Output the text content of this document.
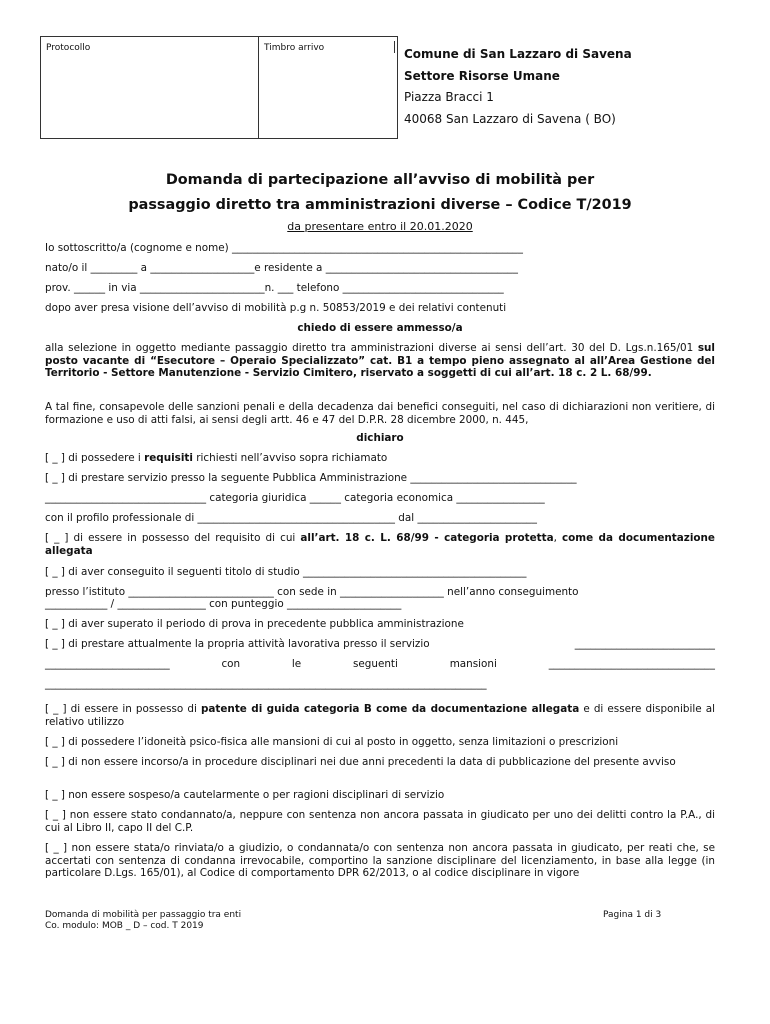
Protocollo	Timbro arrivo	Comune di San Lazzaro di Savena
Settore Risorse Umane
Piazza Bracci 1
40068 San Lazzaro di Savena ( BO)
Domanda di partecipazione all’avviso di mobilità per
passaggio diretto tra amministrazioni diverse – Codice T/2019
da presentare entro il 20.01.2020
Io sottoscritto/a (cognome e nome) ________________________________________________________
nato/o il _________ a ____________________e residente a _____________________________________
prov. ______ in via ________________________n. ___ telefono _______________________________
dopo aver presa visione dell’avviso di mobilità p.g n. 50853/2019 e dei relativi contenuti
chiedo di essere ammesso/a
alla selezione in oggetto mediante passaggio diretto tra amministrazioni diverse ai sensi dell’art. 30 del D. Lgs.n.165/01 sul posto vacante di “Esecutore – Operaio Specializzato” cat. B1 a tempo pieno assegnato al all’Area Gestione del Territorio - Settore Manutenzione - Servizio Cimitero, riservato a soggetti di cui all’art. 18 c. 2 L. 68/99.
A tal fine, consapevole delle sanzioni penali e della decadenza dai benefici conseguiti, nel caso di dichiarazioni non veritiere, di formazione e uso di atti falsi, ai sensi degli artt. 46 e 47 del D.P.R. 28 dicembre 2000, n. 445,
dichiaro
[ _ ] di possedere i requisiti richiesti nell’avviso sopra richiamato
[ _ ] di prestare servizio presso la seguente Pubblica Amministrazione ________________________________
_______________________________ categoria giuridica ______ categoria economica _________________
con il profilo professionale di ______________________________________ dal _______________________
[ _ ] di essere in possesso del requisito di cui all’art. 18 c. L. 68/99 - categoria protetta, come da documentazione allegata
[ _ ] di aver conseguito il seguenti titolo di studio ___________________________________________
presso l’istituto ____________________________ con sede in ____________________ nell’anno conseguimento
____________ / _________________ con punteggio ______________________
[ _ ] di aver superato il periodo di prova in precedente pubblica amministrazione
[ _ ] di prestare attualmente la propria attività lavorativa presso il servizio	___________________________
________________________	con	le	seguenti	mansioni	________________________________
_____________________________________________________________________________________
[ _ ] di essere in possesso di patente di guida categoria B come da documentazione allegata e di essere disponibile al relativo utilizzo
[ _ ] di possedere l’idoneità psico-fisica alle mansioni di cui al posto in oggetto, senza limitazioni o prescrizioni
[ _ ] di non essere incorso/a in procedure disciplinari nei due anni precedenti la data di pubblicazione del presente avviso
[ _ ] non essere sospeso/a cautelarmente o per ragioni disciplinari di servizio
[ _ ] non essere stato condannato/a, neppure con sentenza non ancora passata in giudicato per uno dei delitti contro la P.A., di cui al Libro II, capo II del C.P.
[ _ ] non essere stata/o rinviata/o a giudizio, o condannata/o con sentenza non ancora passata in giudicato, per reati che, se accertati con sentenza di condanna irrevocabile, comportino la sanzione disciplinare del licenziamento, in base alla legge (in particolare D.Lgs. 165/01), al Codice di comportamento DPR 62/2013, o al codice disciplinare in vigore
Domanda di mobilità per passaggio tra enti
Co. modulo: MOB _ D – cod. T 2019
Pagina 1 di 3
